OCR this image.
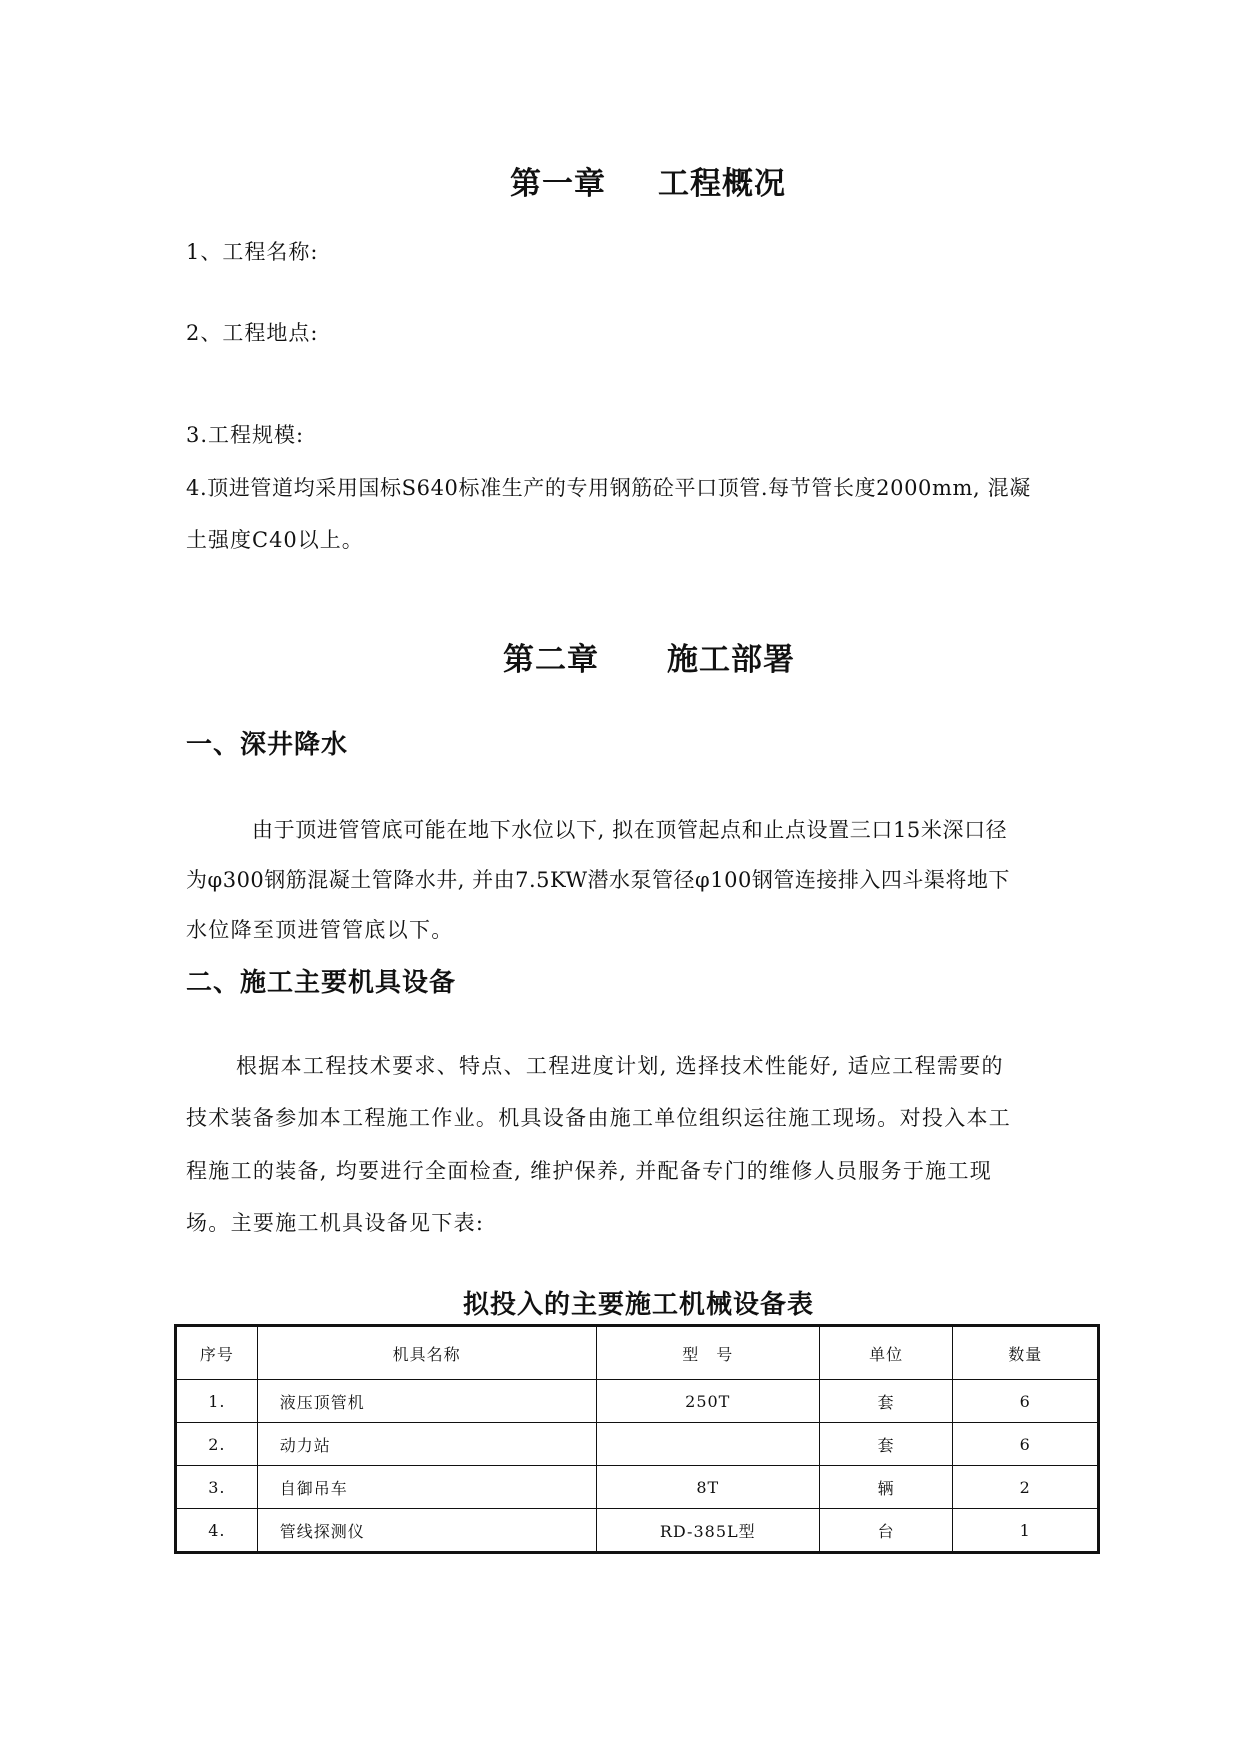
第一章 工程概况
1、工程名称:
2、工程地点:
3.工程规模:
4.顶进管道均采用国标S640标准生产的专用钢筋砼平口顶管.每节管长度2000mm, 混凝
土强度C40以上。
第二章 施工部署
一、深井降水
由于顶进管管底可能在地下水位以下, 拟在顶管起点和止点设置三口15米深口径
为φ300钢筋混凝土管降水井, 并由7.5KW潜水泵管径φ100钢管连接排入四斗渠将地下
水位降至顶进管管底以下。
二、施工主要机具设备
根据本工程技术要求、特点、工程进度计划, 选择技术性能好, 适应工程需要的
技术装备参加本工程施工作业。机具设备由施工单位组织运往施工现场。对投入本工
程施工的装备, 均要进行全面检查, 维护保养, 并配备专门的维修人员服务于施工现
场。主要施工机具设备见下表:
拟投入的主要施工机械设备表
序号	机具名称	型　号	单位	数量
1.	液压顶管机	250T	套	6
2.	动力站		套	6
3.	自御吊车	8T	辆	2
4.	管线探测仪	RD-385L型	台	1
